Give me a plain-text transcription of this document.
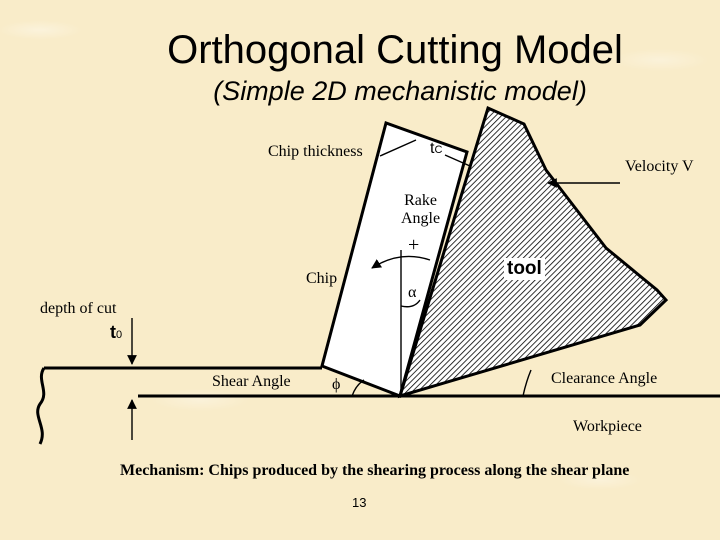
Orthogonal Cutting Model
(Simple 2D mechanistic model)
Chip thickness	tC
Velocity V
Rake
Angle
+
Chip
α
tool
depth of cut
t0
Shear Angle	ϕ	Clearance Angle
Workpiece
Mechanism: Chips produced by the shearing process along the shear plane
13
